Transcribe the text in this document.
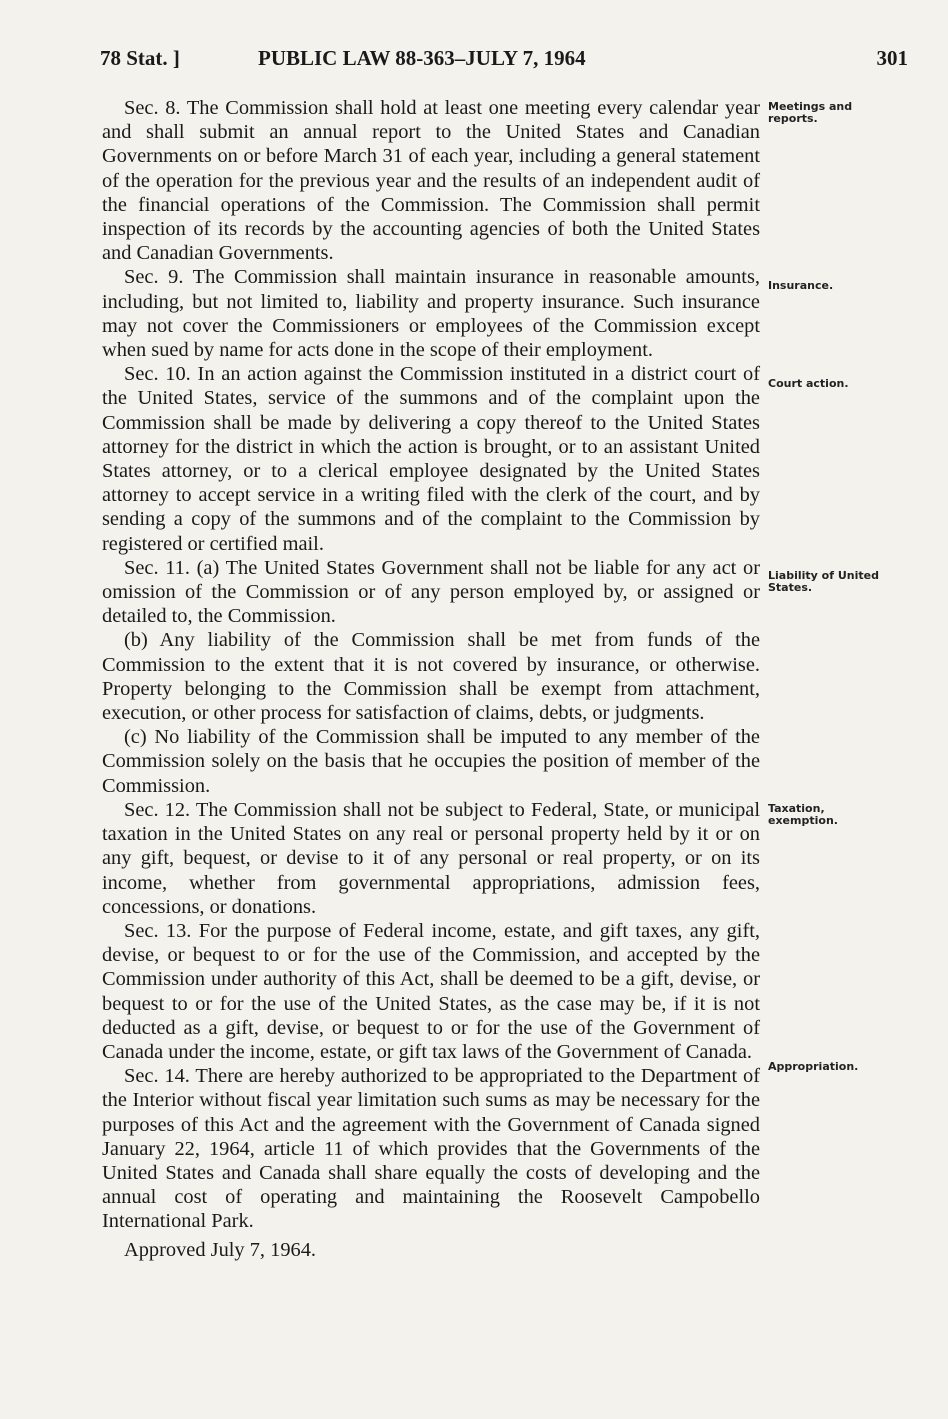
78 Stat. ]	PUBLIC LAW 88-363–JULY 7, 1964	301

Sec. 8. The Commission shall hold at least one meeting every calendar year and shall submit an annual report to the United States and Canadian Governments on or before March 31 of each year, including a general statement of the operation for the previous year and the results of an independent audit of the financial operations of the Commission. The Commission shall permit inspection of its records by the accounting agencies of both the United States and Canadian Governments.

Sec. 9. The Commission shall maintain insurance in reasonable amounts, including, but not limited to, liability and property insurance. Such insurance may not cover the Commissioners or employees of the Commission except when sued by name for acts done in the scope of their employment.

Sec. 10. In an action against the Commission instituted in a district court of the United States, service of the summons and of the complaint upon the Commission shall be made by delivering a copy thereof to the United States attorney for the district in which the action is brought, or to an assistant United States attorney, or to a clerical employee designated by the United States attorney to accept service in a writing filed with the clerk of the court, and by sending a copy of the summons and of the complaint to the Commission by registered or certified mail.

Sec. 11. (a) The United States Government shall not be liable for any act or omission of the Commission or of any person employed by, or assigned or detailed to, the Commission.

(b) Any liability of the Commission shall be met from funds of the Commission to the extent that it is not covered by insurance, or otherwise. Property belonging to the Commission shall be exempt from attachment, execution, or other process for satisfaction of claims, debts, or judgments.

(c) No liability of the Commission shall be imputed to any member of the Commission solely on the basis that he occupies the position of member of the Commission.

Sec. 12. The Commission shall not be subject to Federal, State, or municipal taxation in the United States on any real or personal property held by it or on any gift, bequest, or devise to it of any personal or real property, or on its income, whether from governmental appropriations, admission fees, concessions, or donations.

Sec. 13. For the purpose of Federal income, estate, and gift taxes, any gift, devise, or bequest to or for the use of the Commission, and accepted by the Commission under authority of this Act, shall be deemed to be a gift, devise, or bequest to or for the use of the United States, as the case may be, if it is not deducted as a gift, devise, or bequest to or for the use of the Government of Canada under the income, estate, or gift tax laws of the Government of Canada.

Sec. 14. There are hereby authorized to be appropriated to the Department of the Interior without fiscal year limitation such sums as may be necessary for the purposes of this Act and the agreement with the Government of Canada signed January 22, 1964, article 11 of which provides that the Governments of the United States and Canada shall share equally the costs of developing and the annual cost of operating and maintaining the Roosevelt Campobello International Park.

Approved July 7, 1964.

Meetings and reports.
Insurance.
Court action.
Liability of United States.
Taxation, exemption.
Appropriation.
